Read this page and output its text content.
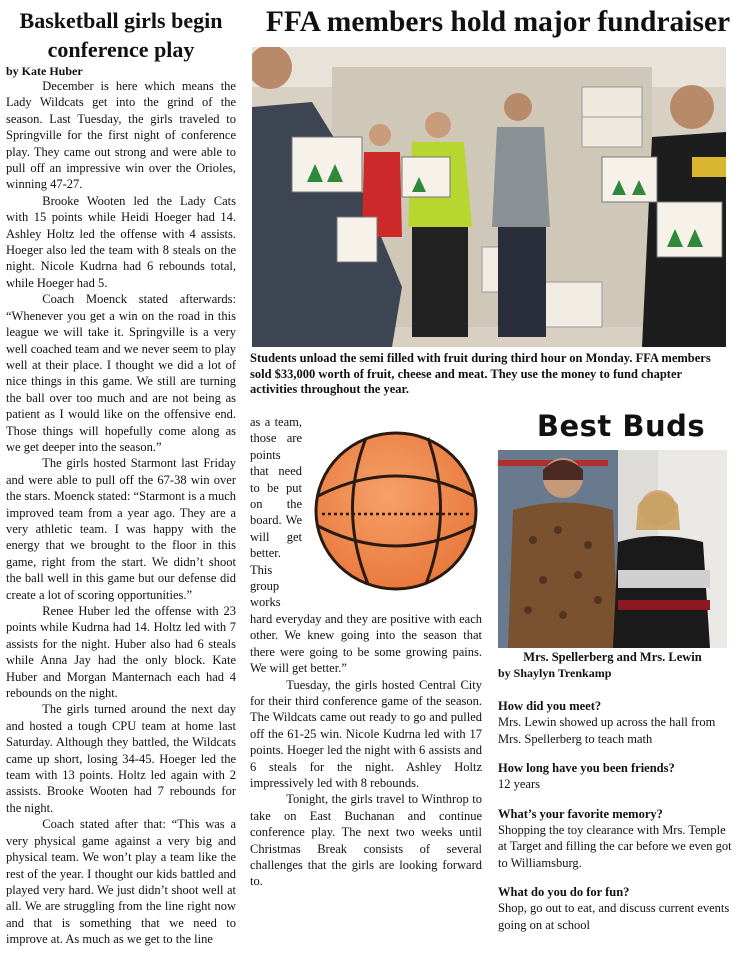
Basketball girls begin conference play
by Kate Huber

December is here which means the Lady Wildcats get into the grind of the season. Last Tuesday, the girls traveled to Springville for the first night of conference play. They came out strong and were able to pull off an impressive win over the Orioles, winning 47-27.

Brooke Wooten led the Lady Cats with 15 points while Heidi Hoeger had 14. Ashley Holtz led the offense with 4 assists. Hoeger also led the team with 8 steals on the night. Nicole Kudrna had 6 rebounds total, while Hoeger had 5.

Coach Moenck stated afterwards: “Whenever you get a win on the road in this league we will take it. Springville is a very well coached team and we never seem to play well at their place. I thought we did a lot of nice things in this game. We still are turning the ball over too much and are not being as patient as I would like on the offensive end. Those things will hopefully come along as we get deeper into the season.”

The girls hosted Starmont last Friday and were able to pull off the 67-38 win over the stars. Moenck stated: “Starmont is a much improved team from a year ago. They are a very athletic team. I was happy with the energy that we brought to the floor in this game, right from the start. We didn’t shoot the ball well in this game but our defense did create a lot of scoring opportunities.”

Renee Huber led the offense with 23 points while Kudrna had 14. Holtz led with 7 assists for the night. Huber also had 6 steals while Anna Jay had the only block. Kate Huber and Morgan Manternach each had 4 rebounds on the night.

The girls turned around the next day and hosted a tough CPU team at home last Saturday. Although they battled, the Wildcats came up short, losing 34-45. Hoeger led the team with 13 points. Holtz led again with 2 assists. Brooke Wooten had 7 rebounds for the night.

Coach stated after that: “This was a very physical game against a very big and physical team. We won’t play a team like the rest of the year. I thought our kids battled and played very hard. We just didn’t shoot well at all. We are struggling from the line right now and that is something that we need to improve at. As much as we get to the line

FFA members hold major fundraiser
Students unload the semi filled with fruit during third hour on Monday. FFA members sold $33,000 worth of fruit, cheese and meat. They use the money to fund chapter activities throughout the year.

as a team, those are points that need to be put on the board. We will get better. This group works hard everyday and they are positive with each other. We knew going into the season that there were going to be some growing pains. We will get better.”

Tuesday, the girls hosted Central City for their third conference game of the season. The Wildcats came out ready to go and pulled off the 61-25 win. Nicole Kudrna led with 17 points. Hoeger led the night with 6 assists and 6 steals for the night. Ashley Holtz impressively led with 8 rebounds.

Tonight, the girls travel to Winthrop to take on East Buchanan and continue conference play. The next two weeks until Christmas Break consists of several challenges that the girls are looking forward to.

Best Buds
Mrs. Spellerberg and Mrs. Lewin
by Shaylyn Trenkamp
How did you meet?
Mrs. Lewin showed up across the hall from Mrs. Spellerberg to teach math
How long have you been friends?
12 years
What’s your favorite memory?
Shopping the toy clearance with Mrs. Temple at Target and filling the car before we even got to Williamsburg.
What do you do for fun?
Shop, go out to eat, and discuss current events going on at school
